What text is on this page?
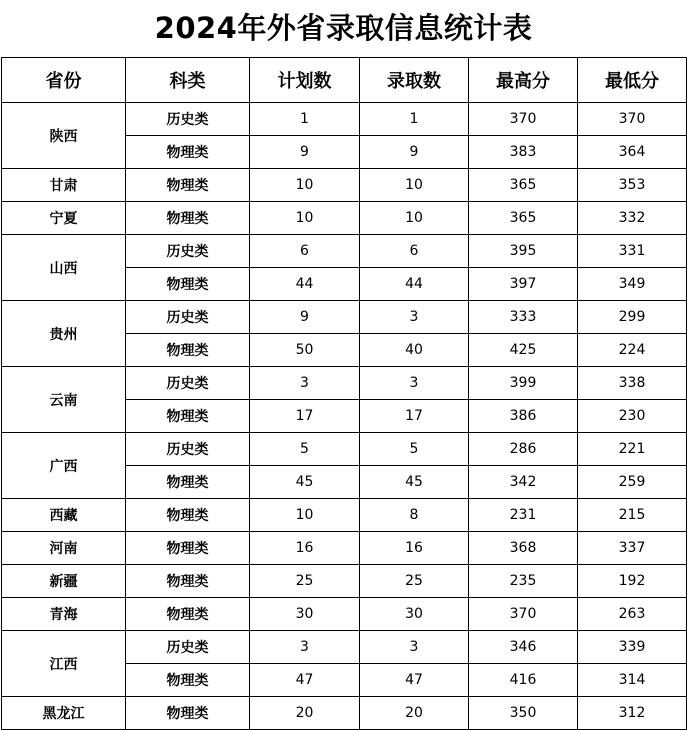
2024年外省录取信息统计表
省份	科类	计划数	录取数	最高分	最低分
陕西	历史类	1	1	370	370
	物理类	9	9	383	364
甘肃	物理类	10	10	365	353
宁夏	物理类	10	10	365	332
山西	历史类	6	6	395	331
	物理类	44	44	397	349
贵州	历史类	9	3	333	299
	物理类	50	40	425	224
云南	历史类	3	3	399	338
	物理类	17	17	386	230
广西	历史类	5	5	286	221
	物理类	45	45	342	259
西藏	物理类	10	8	231	215
河南	物理类	16	16	368	337
新疆	物理类	25	25	235	192
青海	物理类	30	30	370	263
江西	历史类	3	3	346	339
	物理类	47	47	416	314
黑龙江	物理类	20	20	350	312
